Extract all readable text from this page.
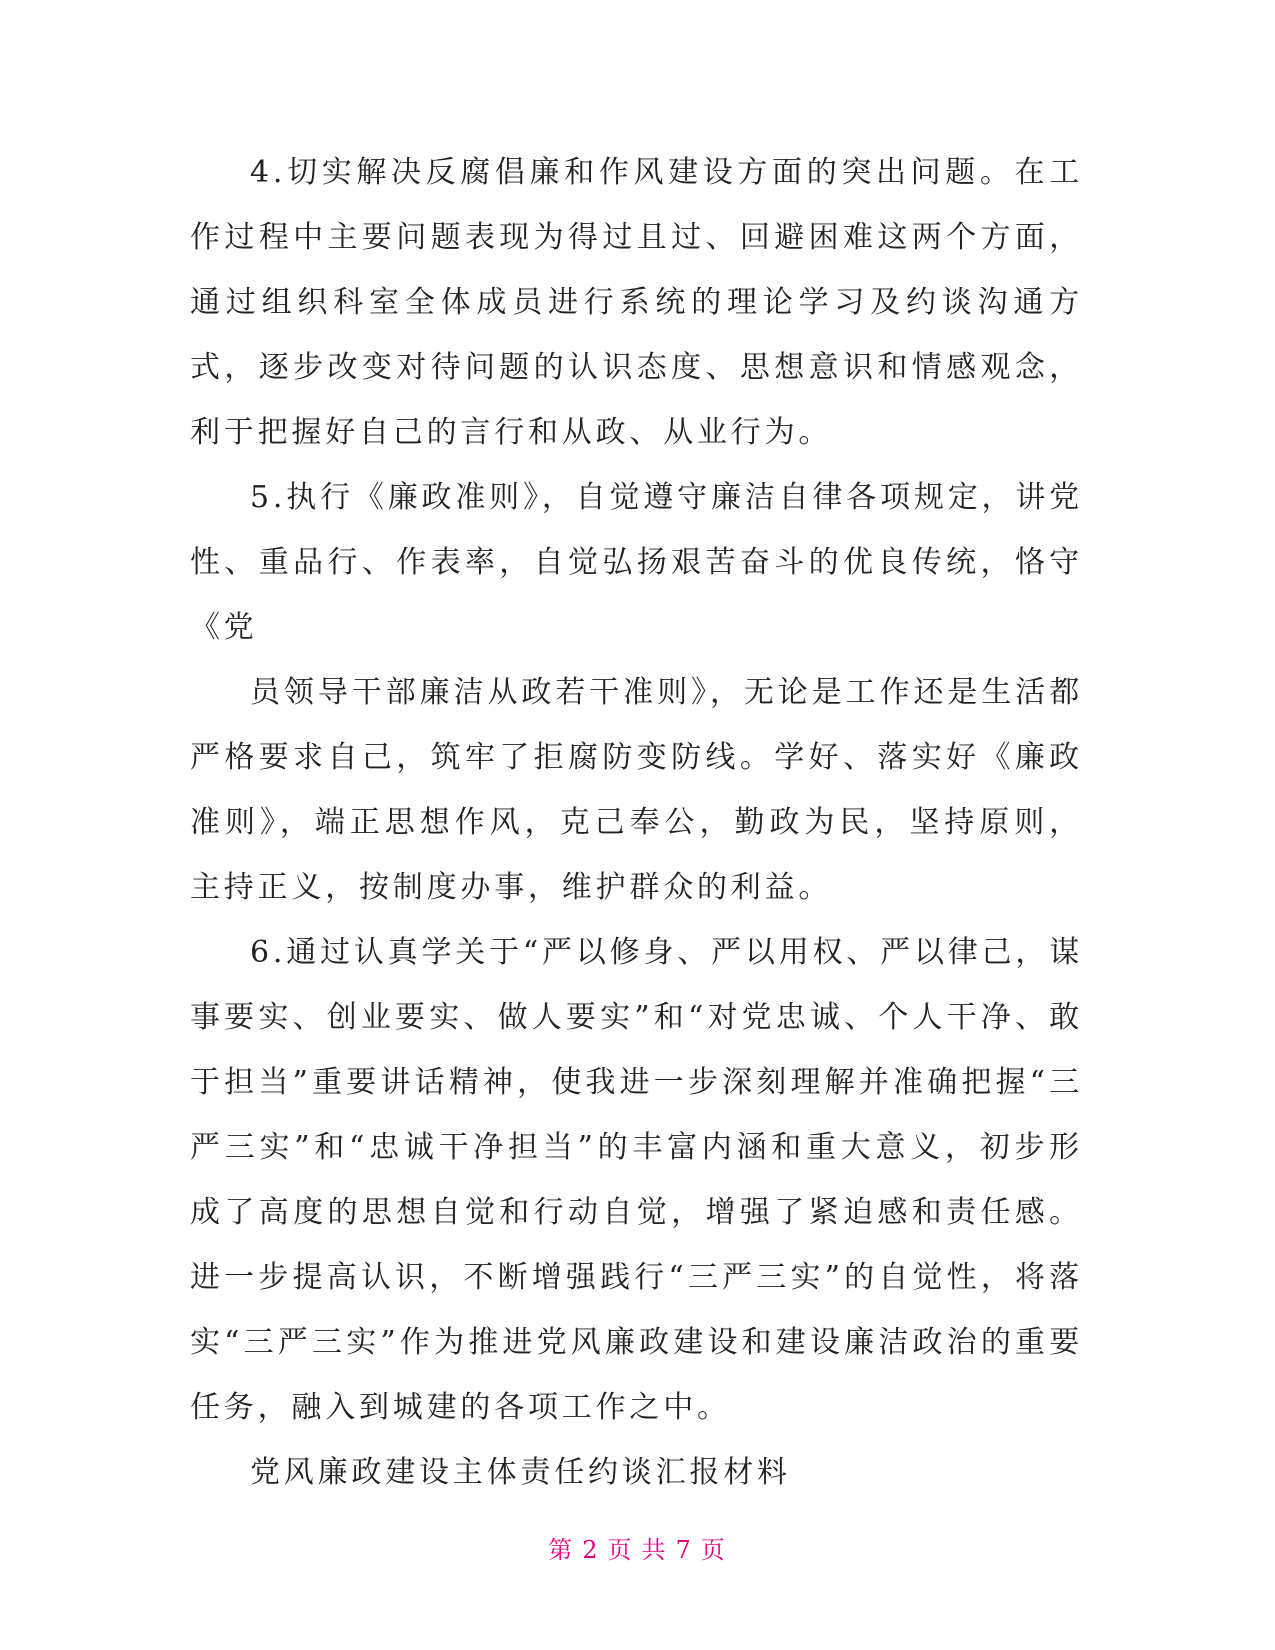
4.切实解决反腐倡廉和作风建设方面的突出问题。在工作过程中主要问题表现为得过且过、回避困难这两个方面，通过组织科室全体成员进行系统的理论学习及约谈沟通方式，逐步改变对待问题的认识态度、思想意识和情感观念，利于把握好自己的言行和从政、从业行为。

5.执行《廉政准则》，自觉遵守廉洁自律各项规定，讲党性、重品行、作表率，自觉弘扬艰苦奋斗的优良传统，恪守《党

员领导干部廉洁从政若干准则》，无论是工作还是生活都严格要求自己，筑牢了拒腐防变防线。学好、落实好《廉政准则》，端正思想作风，克己奉公，勤政为民，坚持原则，主持正义，按制度办事，维护群众的利益。

6.通过认真学关于“严以修身、严以用权、严以律己，谋事要实、创业要实、做人要实”和“对党忠诚、个人干净、敢于担当”重要讲话精神，使我进一步深刻理解并准确把握“三严三实”和“忠诚干净担当”的丰富内涵和重大意义，初步形成了高度的思想自觉和行动自觉，增强了紧迫感和责任感。进一步提高认识，不断增强践行“三严三实”的自觉性，将落实“三严三实”作为推进党风廉政建设和建设廉洁政治的重要任务，融入到城建的各项工作之中。

党风廉政建设主体责任约谈汇报材料

第 2 页 共 7 页
